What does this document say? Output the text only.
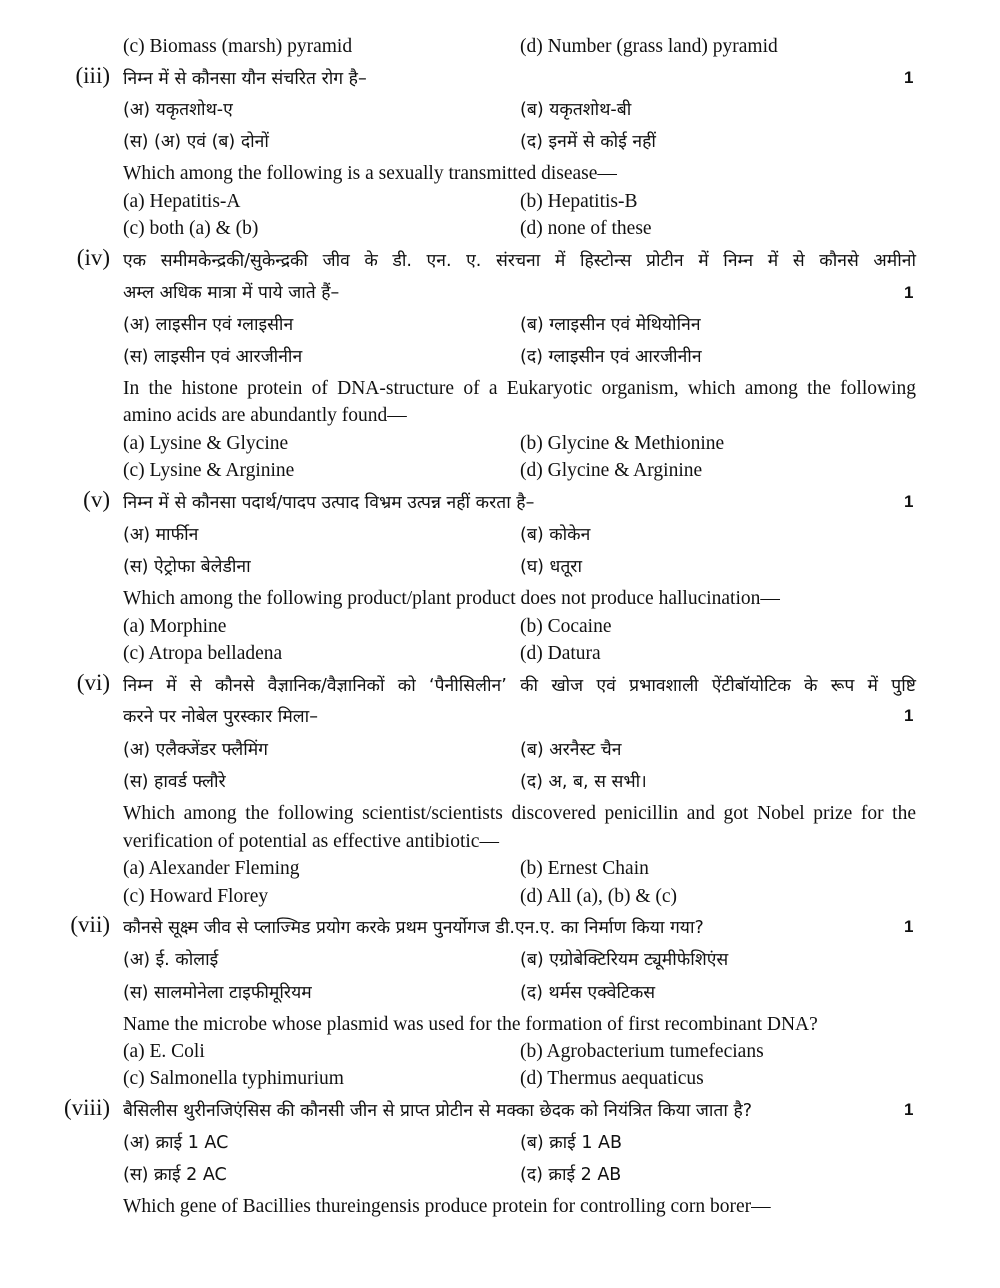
(c) Biomass (marsh) pyramid	(d) Number (grass land) pyramid
(iii) निम्न में से कौनसा यौन संचरित रोग है–	1
(अ) यकृतशोथ-ए	(ब) यकृतशोथ-बी
(स) (अ) एवं (ब) दोनों	(द) इनमें से कोई नहीं
Which among the following is a sexually transmitted disease—
(a) Hepatitis-A	(b) Hepatitis-B
(c) both (a) & (b)	(d) none of these
(iv) एक समीमकेन्द्रकी/सुकेन्द्रकी जीव के डी. एन. ए. संरचना में हिस्टोन्स प्रोटीन में निम्न में से कौनसे अमीनो
अम्ल अधिक मात्रा में पाये जाते हैं–	1
(अ) लाइसीन एवं ग्लाइसीन	(ब) ग्लाइसीन एवं मेथियोनिन
(स) लाइसीन एवं आरजीनीन	(द) ग्लाइसीन एवं आरजीनीन
In the histone protein of DNA-structure of a Eukaryotic organism, which among the following
amino acids are abundantly found—
(a) Lysine & Glycine	(b) Glycine & Methionine
(c) Lysine & Arginine	(d) Glycine & Arginine
(v) निम्न में से कौनसा पदार्थ/पादप उत्पाद विभ्रम उत्पन्न नहीं करता है–	1
(अ) मार्फीन	(ब) कोकेन
(स) ऐट्रोफा बेलेडीना	(घ) धतूरा
Which among the following product/plant product does not produce hallucination—
(a) Morphine	(b) Cocaine
(c) Atropa belladena	(d) Datura
(vi) निम्न में से कौनसे वैज्ञानिक/वैज्ञानिकों को ‘पैनीसिलीन’ की खोज एवं प्रभावशाली ऐंटीबॉयोटिक के रूप में पुष्टि
करने पर नोबेल पुरस्कार मिला–	1
(अ) एलैक्जेंडर फ्लैमिंग	(ब) अरनैस्ट चैन
(स) हावर्ड फ्लौरे	(द) अ, ब, स सभी।
Which among the following scientist/scientists discovered penicillin and got Nobel prize for the
verification of potential as effective antibiotic—
(a) Alexander Fleming	(b) Ernest Chain
(c) Howard Florey	(d) All (a), (b) & (c)
(vii) कौनसे सूक्ष्म जीव से प्लाज्मिड प्रयोग करके प्रथम पुनर्योगज डी.एन.ए. का निर्माण किया गया?	1
(अ) ई. कोलाई	(ब) एग्रोबेक्टिरियम ट्यूमीफेशिएंस
(स) सालमोनेला टाइफीमूरियम	(द) थर्मस एक्वेटिकस
Name the microbe whose plasmid was used for the formation of first recombinant DNA?
(a) E. Coli	(b) Agrobacterium tumefecians
(c) Salmonella typhimurium	(d) Thermus aequaticus
(viii) बैसिलीस थुरीनजिएंसिस की कौनसी जीन से प्राप्त प्रोटीन से मक्का छेदक को नियंत्रित किया जाता है?	1
(अ) क्राई 1 AC	(ब) क्राई 1 AB
(स) क्राई 2 AC	(द) क्राई 2 AB
Which gene of Bacillies thureingensis produce protein for controlling corn borer—
